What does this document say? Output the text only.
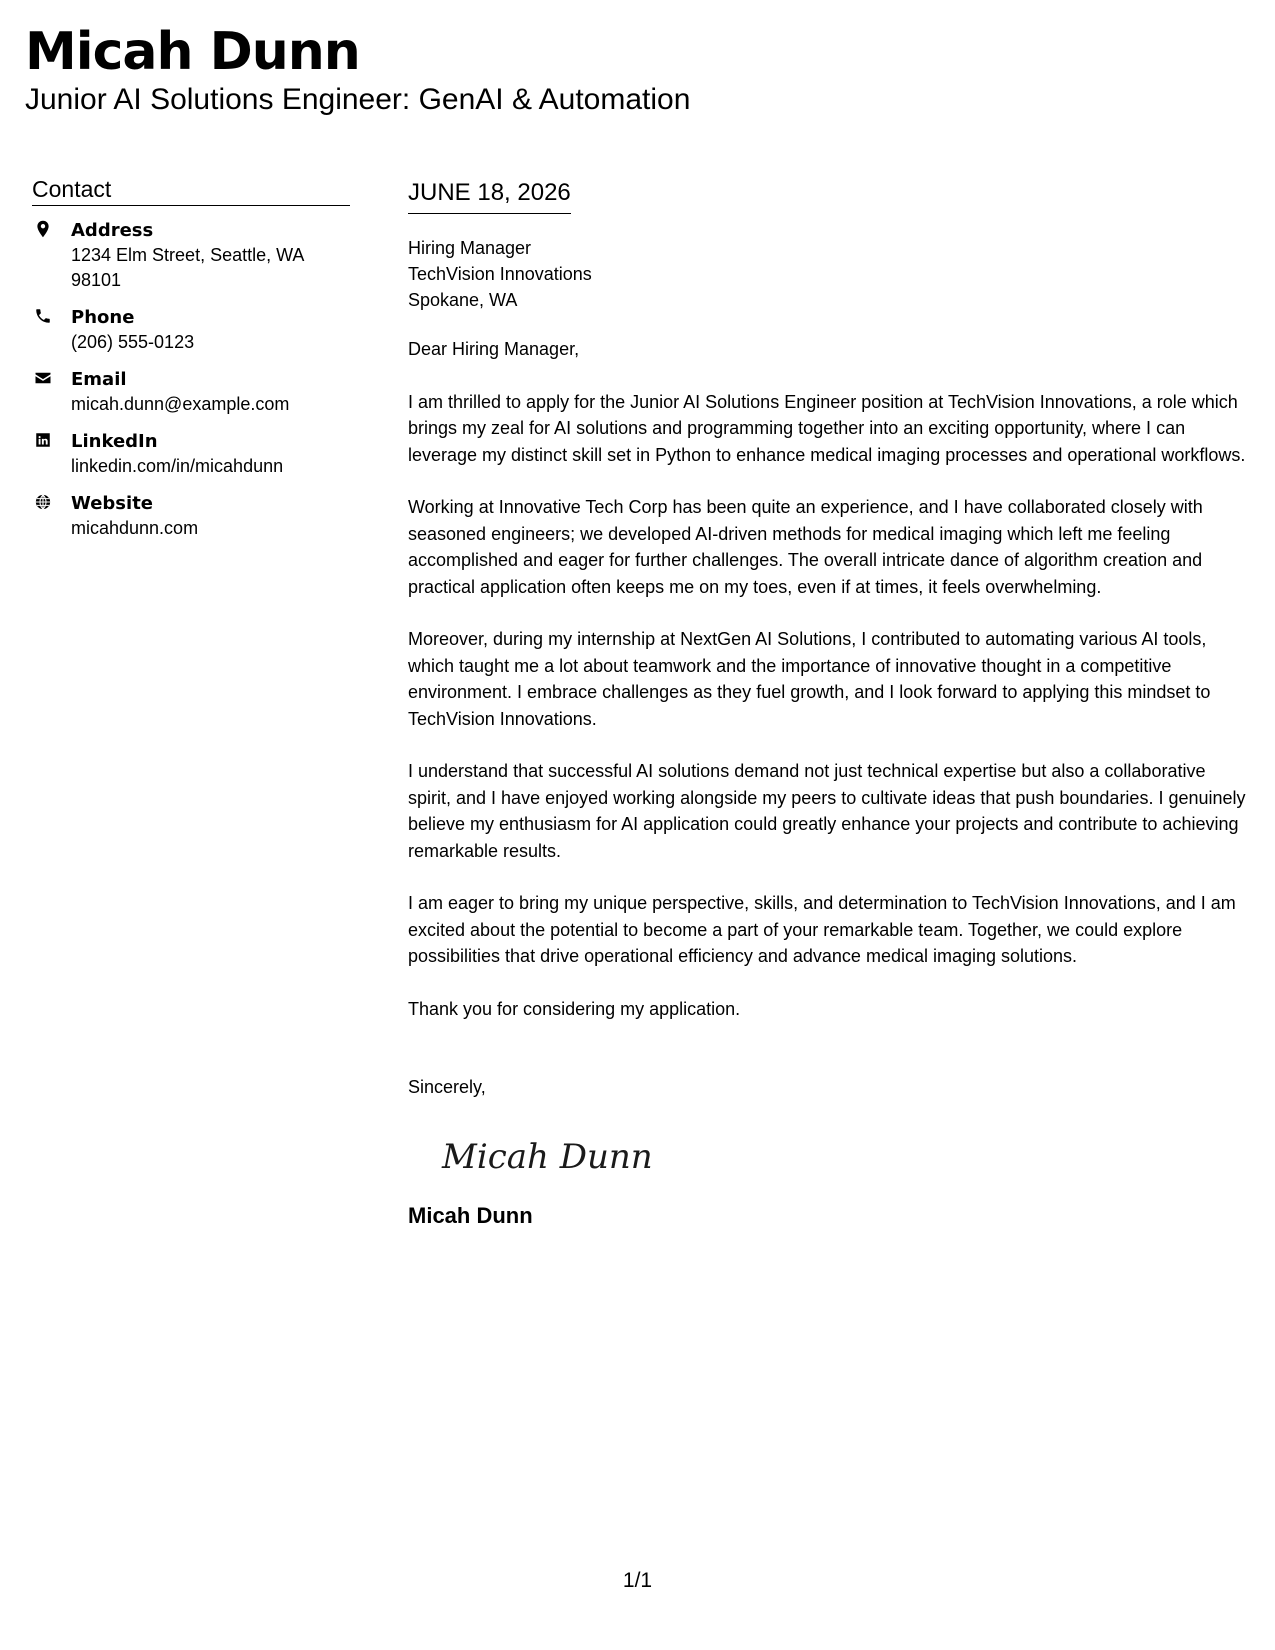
Micah Dunn
Junior AI Solutions Engineer: GenAI & Automation
Contact
Address
1234 Elm Street, Seattle, WA 98101
Phone
(206) 555-0123
Email
micah.dunn@example.com
LinkedIn
linkedin.com/in/micahdunn
Website
micahdunn.com
JUNE 18, 2026
Hiring Manager
TechVision Innovations
Spokane, WA
Dear Hiring Manager,
I am thrilled to apply for the Junior AI Solutions Engineer position at TechVision Innovations, a role which brings my zeal for AI solutions and programming together into an exciting opportunity, where I can leverage my distinct skill set in Python to enhance medical imaging processes and operational workflows.
Working at Innovative Tech Corp has been quite an experience, and I have collaborated closely with seasoned engineers; we developed AI-driven methods for medical imaging which left me feeling accomplished and eager for further challenges. The overall intricate dance of algorithm creation and practical application often keeps me on my toes, even if at times, it feels overwhelming.
Moreover, during my internship at NextGen AI Solutions, I contributed to automating various AI tools, which taught me a lot about teamwork and the importance of innovative thought in a competitive environment. I embrace challenges as they fuel growth, and I look forward to applying this mindset to TechVision Innovations.
I understand that successful AI solutions demand not just technical expertise but also a collaborative spirit, and I have enjoyed working alongside my peers to cultivate ideas that push boundaries. I genuinely believe my enthusiasm for AI application could greatly enhance your projects and contribute to achieving remarkable results.
I am eager to bring my unique perspective, skills, and determination to TechVision Innovations, and I am excited about the potential to become a part of your remarkable team. Together, we could explore possibilities that drive operational efficiency and advance medical imaging solutions.
Thank you for considering my application.
Sincerely,
Micah Dunn
Micah Dunn
1/1
